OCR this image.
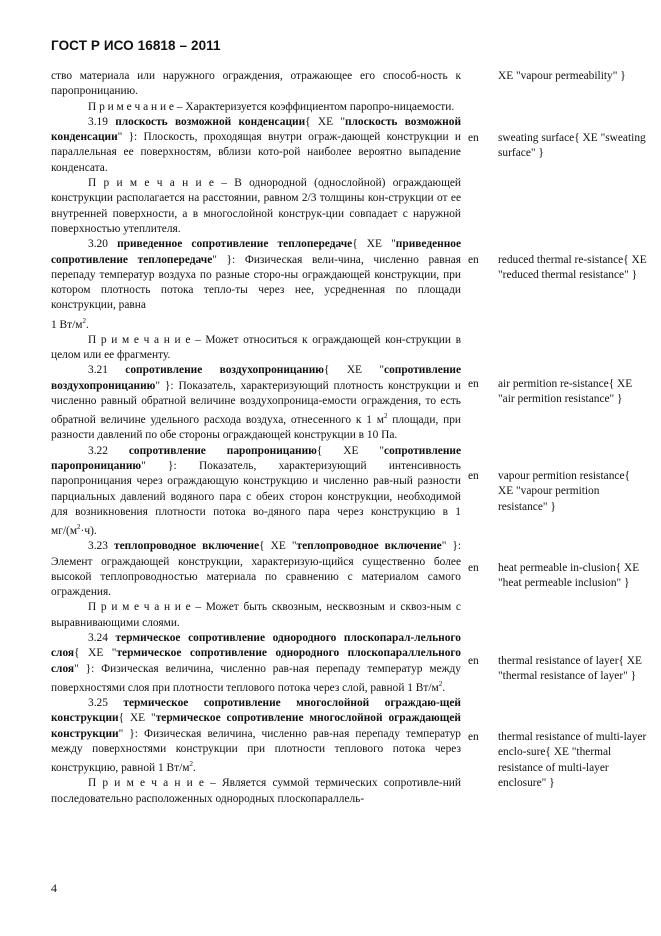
ГОСТ Р ИСО 16818 – 2011

ство материала или наружного ограждения, отражающее его способ-ность к паропроницанию.

П р и м е ч а н и е – Характеризуется коэффициентом паропро-ницаемости.

3.19 плоскость возможной конденсации{ XE "плоскость возможной конденсации" }: Плоскость, проходящая внутри ограж-дающей конструкции и параллельная ее поверхностям, вблизи кото-рой наиболее вероятно выпадение конденсата.

П р и м е ч а н и е – В однородной (однослойной) ограждающей конструкции располагается на расстоянии, равном 2/3 толщины кон-струкции от ее внутренней поверхности, а в многослойной конструк-ции совпадает с наружной поверхностью утеплителя.

3.20 приведенное сопротивление теплопередаче{ XE "приведенное сопротивление теплопередаче" }: Физическая вели-чина, численно равная перепаду температур воздуха по разные сторо-ны ограждающей конструкции, при котором плотность потока тепло-ты через нее, усредненная по площади конструкции, равна

1 $Вт/м^2$.

П р и м е ч а н и е – Может относиться к ограждающей кон-струкции в целом или ее фрагменту.

3.21 сопротивление воздухопроницанию{ XE "сопротивление воздухопроницанию" }: Показатель, характеризующий плотность конструкции и численно равный обратной величине воздухопроница-емости ограждения, то есть обратной величине удельного расхода воздуха, отнесенного к 1 $м^2$ площади, при разности давлений по обе стороны ограждающей конструкции в 10 Па.

3.22 сопротивление паропроницанию{ XE "сопротивление паропроницанию" }: Показатель, характеризующий интенсивность паропроницания через ограждающую конструкцию и численно рав-ный разности парциальных давлений водяного пара с обеих сторон конструкции, необходимой для возникновения плотности потока во-дяного пара через конструкцию в 1 $мг/(м^2\cdot ч)$.

3.23 теплопроводное включение{ XE "теплопроводное включение" }: Элемент ограждающей конструкции, характеризую-щийся существенно более высокой теплопроводностью материала по сравнению с материалом самого ограждения.

П р и м е ч а н и е – Может быть сквозным, несквозным и сквоз-ным с выравнивающими слоями.

3.24 термическое сопротивление однородного плоскопарал-лельного слоя{ XE "термическое сопротивление однородного плоскопараллельного слоя" }: Физическая величина, численно рав-ная перепаду температур между поверхностями слоя при плотности теплового потока через слой, равной 1 $Вт/м^2$.

3.25 термическое сопротивление многослойной ограждаю-щей конструкции{ XE "термическое сопротивление многослойной ограждающей конструкции" }: Физическая величина, численно рав-ная перепаду температур между поверхностями конструкции при плотности теплового потока через конструкцию, равной 1 $Вт/м^2$.

П р и м е ч а н и е – Является суммой термических сопротивле-ний последовательно расположенных однородных плоскопараллель-

XE "vapour permeability" }
en sweating surface{ XE "sweating surface" }
en reduced thermal re-sistance{ XE "reduced thermal resistance" }
en air permition re-sistance{ XE "air permition resistance" }
en vapour permition resistance{ XE "vapour permition resistance" }
en heat permeable in-clusion{ XE "heat permeable inclusion" }
en thermal resistance of layer{ XE "thermal resistance of layer" }
en thermal resistance of multi-layer enclo-sure{ XE "thermal resistance of multi-layer enclosure" }
4
